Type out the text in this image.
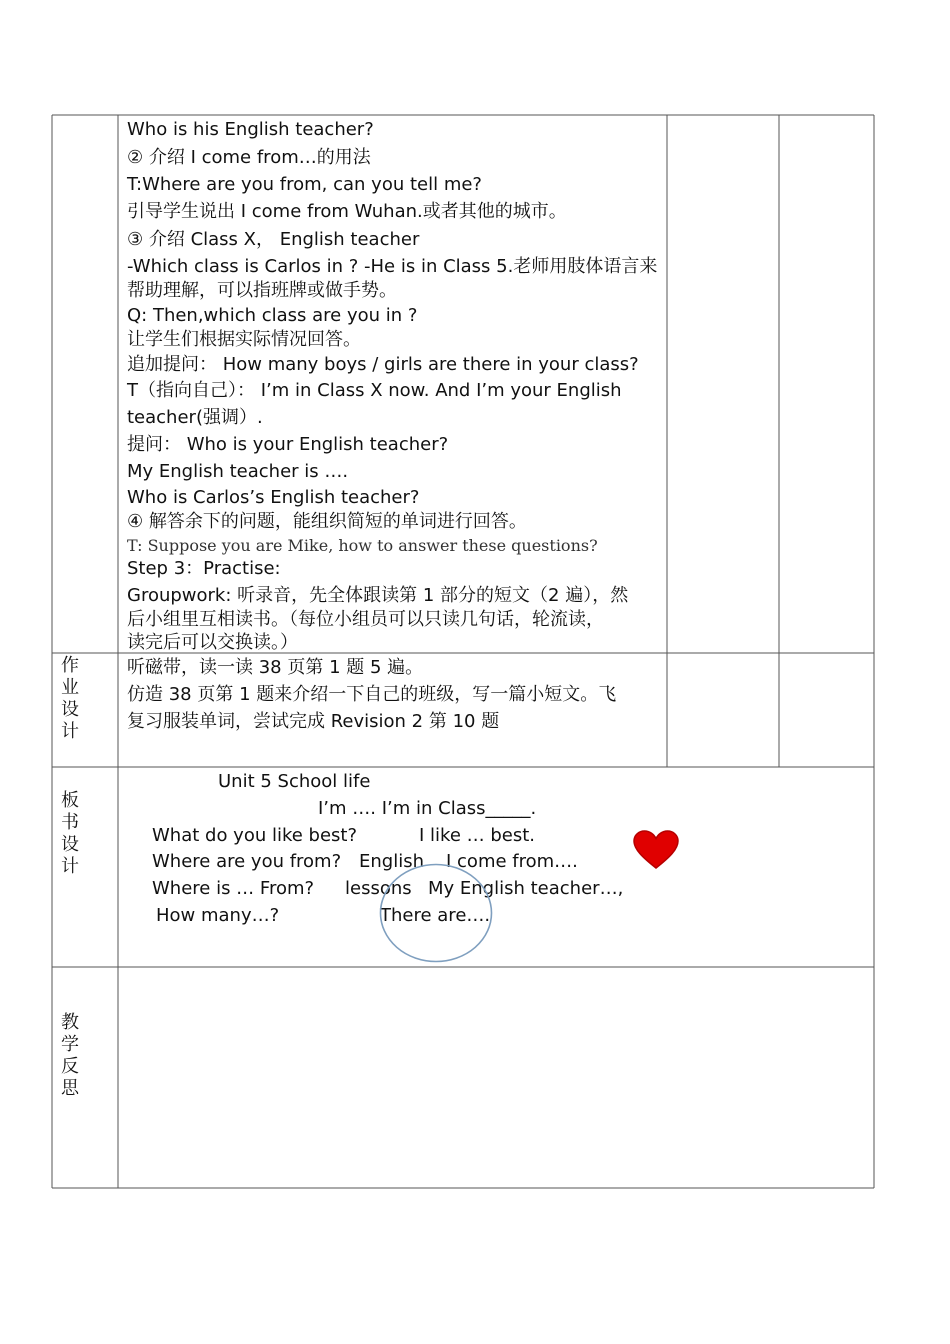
Who is his English teacher?
② 介绍 I come from…的用法
T:Where are you from, can you tell me?
引导学生说出 I come from Wuhan.或者其他的城市。
③ 介绍 Class X， English teacher
-Which class is Carlos in ? -He is in Class 5.老师用肢体语言来
帮助理解，可以指班牌或做手势。
Q: Then,which class are you in ?
让学生们根据实际情况回答。
追加提问： How many boys / girls are there in your class?
T（指向自己）： I’m in Class X now. And I’m your English
teacher(强调）.
提问： Who is your English teacher?
My English teacher is ….
Who is Carlos’s English teacher?
④ 解答余下的问题，能组织简短的单词进行回答。
T: Suppose you are Mike, how to answer these questions?
Step 3：Practise:
Groupwork: 听录音，先全体跟读第 1 部分的短文（2 遍），然
后小组里互相读书。（每位小组员可以只读几句话，轮流读，
读完后可以交换读。）
作
业
设
计
听磁带，读一读 38 页第 1 题 5 遍。
仿造 38 页第 1 题来介绍一下自己的班级，写一篇小短文。飞
复习服装单词，尝试完成 Revision 2 第 10 题
板
书
设
计
Unit 5 School life
I’m …. I’m in Class_____.
What do you like best?	I like … best.
Where are you from? English I come from….
Where is … From? lessons My English teacher…,
How many…?	There are….
教
学
反
思
